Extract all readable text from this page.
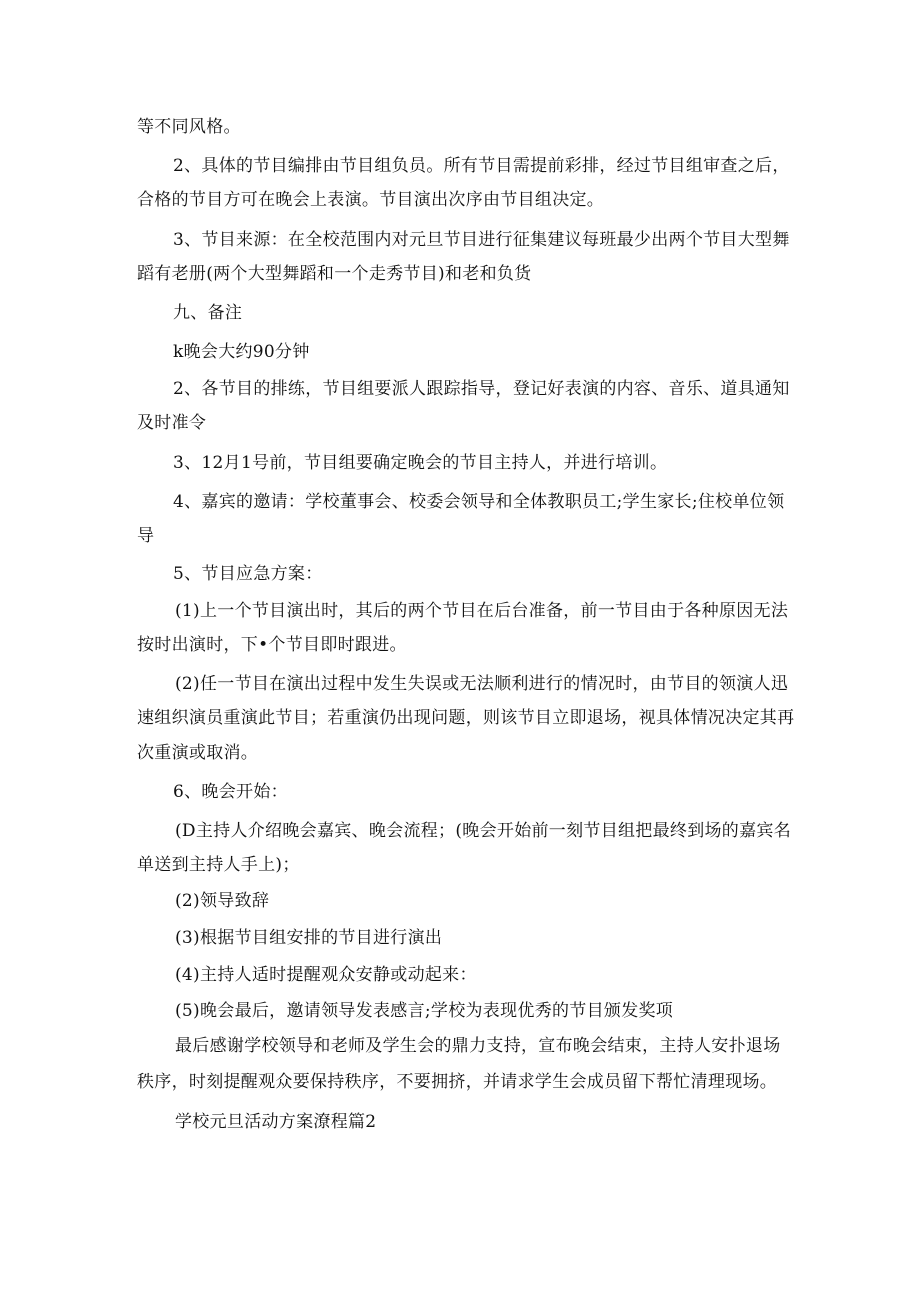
等不同风格。
2、具体的节目编排由节目组负员。所有节目需提前彩排，经过节目组审查之后，
合格的节目方可在晚会上表演。节目演出次序由节目组决定。
3、节目来源：在全校范围内对元旦节目进行征集建议每班最少出两个节目大型舞
蹈有老册(两个大型舞蹈和一个走秀节目)和老和负货
九、备注
k晚会大约90分钟
2、各节目的排练，节目组要派人跟踪指导，登记好表演的内容、音乐、道具通知
及时准令
3、12月1号前，节目组要确定晚会的节目主持人，并进行培训。
4、嘉宾的邀请：学校董事会、校委会领导和全体教职员工;学生家长;住校单位领
导
5、节目应急方案：
(1)上一个节目演出时，其后的两个节目在后台准备，前一节目由于各种原因无法
按时出演时，下•个节目即时跟进。
(2)任一节目在演出过程中发生失误或无法顺利进行的情况时，由节目的领演人迅
速组织演员重演此节目；若重演仍出现问题，则该节目立即退场，视具体情况决定其再
次重演或取消。
6、晚会开始：
(D主持人介绍晚会嘉宾、晚会流程；(晚会开始前一刻节目组把最终到场的嘉宾名
单送到主持人手上)；
(2)领导致辞
(3)根据节目组安排的节目进行演出
(4)主持人适时提醒观众安静或动起来：
(5)晚会最后，邀请领导发表感言;学校为表现优秀的节目颁发奖项
最后感谢学校领导和老师及学生会的鼎力支持，宣布晚会结束，主持人安扑退场
秩序，时刻提醒观众要保持秩序，不要拥挤，并请求学生会成员留下帮忙清理现场。
学校元旦活动方案潦程篇2
